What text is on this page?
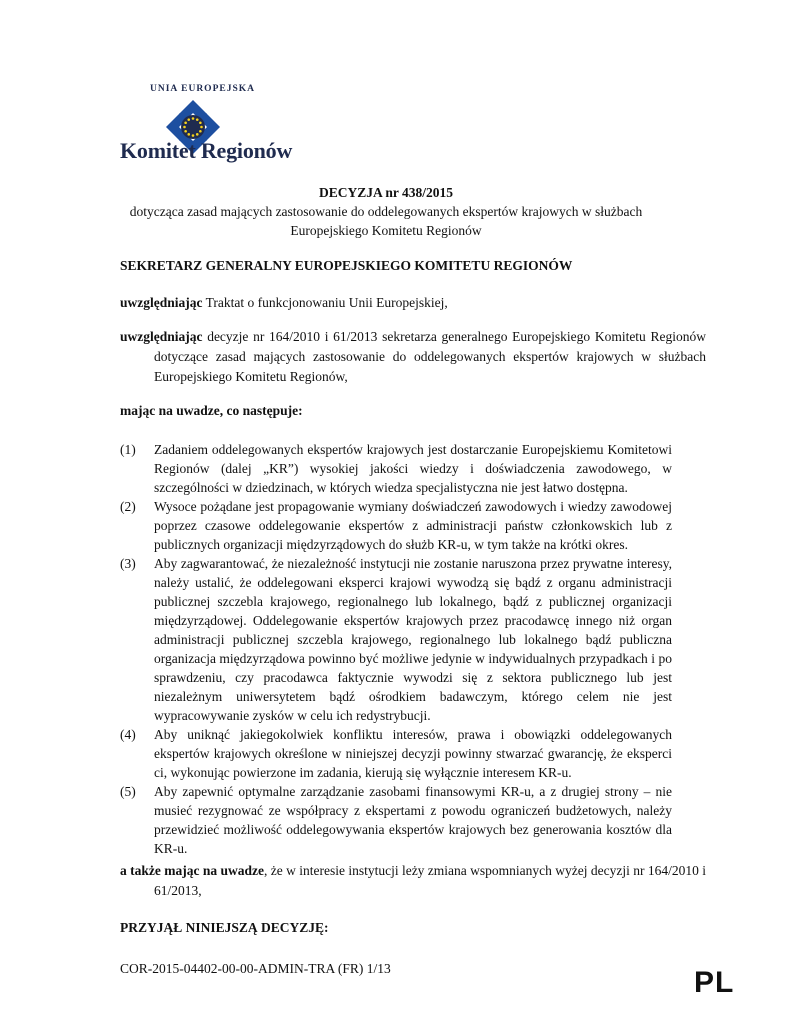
UNIA EUROPEJSKA
Komitet Regionów
DECYZJA nr 438/2015
dotycząca zasad mających zastosowanie do oddelegowanych ekspertów krajowych w służbach
Europejskiego Komitetu Regionów
SEKRETARZ GENERALNY EUROPEJSKIEGO KOMITETU REGIONÓW
uwzględniając Traktat o funkcjonowaniu Unii Europejskiej,
uwzględniając decyzje nr 164/2010 i 61/2013 sekretarza generalnego Europejskiego Komitetu Regionów dotyczące zasad mających zastosowanie do oddelegowanych ekspertów krajowych w służbach Europejskiego Komitetu Regionów,
mając na uwadze, co następuje:
(1)	Zadaniem oddelegowanych ekspertów krajowych jest dostarczanie Europejskiemu Komitetowi Regionów (dalej „KR”) wysokiej jakości wiedzy i doświadczenia zawodowego, w szczególności w dziedzinach, w których wiedza specjalistyczna nie jest łatwo dostępna.
(2)	Wysoce pożądane jest propagowanie wymiany doświadczeń zawodowych i wiedzy zawodowej poprzez czasowe oddelegowanie ekspertów z administracji państw członkowskich lub z publicznych organizacji międzyrządowych do służb KR-u, w tym także na krótki okres.
(3)	Aby zagwarantować, że niezależność instytucji nie zostanie naruszona przez prywatne interesy, należy ustalić, że oddelegowani eksperci krajowi wywodzą się bądź z organu administracji publicznej szczebla krajowego, regionalnego lub lokalnego, bądź z publicznej organizacji międzyrządowej. Oddelegowanie ekspertów krajowych przez pracodawcę innego niż organ administracji publicznej szczebla krajowego, regionalnego lub lokalnego bądź publiczna organizacja międzyrządowa powinno być możliwe jedynie w indywidualnych przypadkach i po sprawdzeniu, czy pracodawca faktycznie wywodzi się z sektora publicznego lub jest niezależnym uniwersytetem bądź ośrodkiem badawczym, którego celem nie jest wypracowywanie zysków w celu ich redystrybucji.
(4)	Aby uniknąć jakiegokolwiek konfliktu interesów, prawa i obowiązki oddelegowanych ekspertów krajowych określone w niniejszej decyzji powinny stwarzać gwarancję, że eksperci ci, wykonując powierzone im zadania, kierują się wyłącznie interesem KR-u.
(5)	Aby zapewnić optymalne zarządzanie zasobami finansowymi KR-u, a z drugiej strony – nie musieć rezygnować ze współpracy z ekspertami z powodu ograniczeń budżetowych, należy przewidzieć możliwość oddelegowywania ekspertów krajowych bez generowania kosztów dla KR-u.
a także mając na uwadze, że w interesie instytucji leży zmiana wspomnianych wyżej decyzji nr 164/2010 i 61/2013,
PRZYJĄŁ NINIEJSZĄ DECYZJĘ:
COR-2015-04402-00-00-ADMIN-TRA (FR) 1/13	PL
